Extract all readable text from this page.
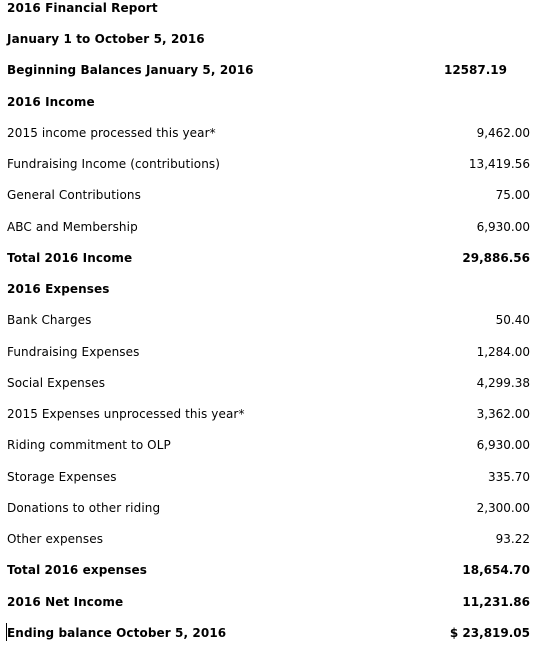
2016 Financial Report
January 1 to October 5, 2016
Beginning Balances January 5, 2016	12587.19
2016 Income
2015 income processed this year*	9,462.00
Fundraising Income (contributions)	13,419.56
General Contributions	75.00
ABC and Membership	6,930.00
Total 2016 Income	29,886.56
2016 Expenses
Bank Charges	50.40
Fundraising Expenses	1,284.00
Social Expenses	4,299.38
2015 Expenses unprocessed this year*	3,362.00
Riding commitment to OLP	6,930.00
Storage Expenses	335.70
Donations to other riding	2,300.00
Other expenses	93.22
Total 2016 expenses	18,654.70
2016 Net Income	11,231.86
Ending balance October 5, 2016	$ 23,819.05
